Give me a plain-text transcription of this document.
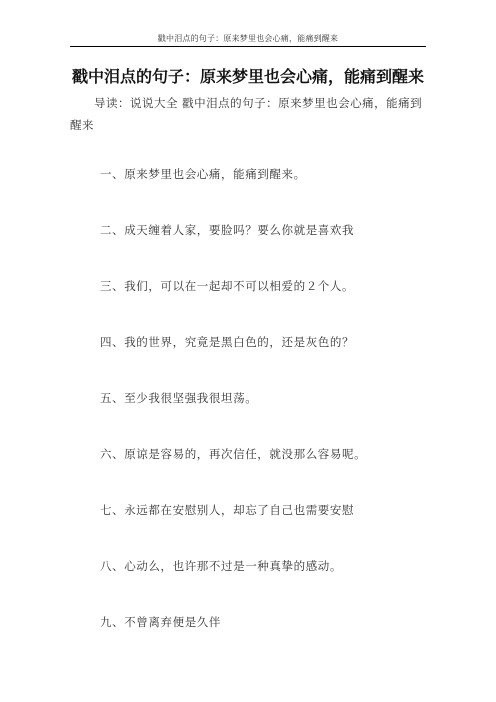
戳中泪点的句子：原来梦里也会心痛，能痛到醒来
戳中泪点的句子：原来梦里也会心痛，能痛到醒来
导读：说说大全 戳中泪点的句子：原来梦里也会心痛，能痛到醒来
一、原来梦里也会心痛，能痛到醒来。
二、成天缠着人家，要脸吗？要么你就是喜欢我
三、我们，可以在一起却不可以相爱的２个人。
四、我的世界，究竟是黑白色的，还是灰色的？
五、至少我很坚强我很坦荡。
六、原谅是容易的，再次信任，就没那么容易呢。
七、永远都在安慰别人，却忘了自己也需要安慰
八、心动么，也许那不过是一种真挚的感动。
九、不曾离弃便是久伴
